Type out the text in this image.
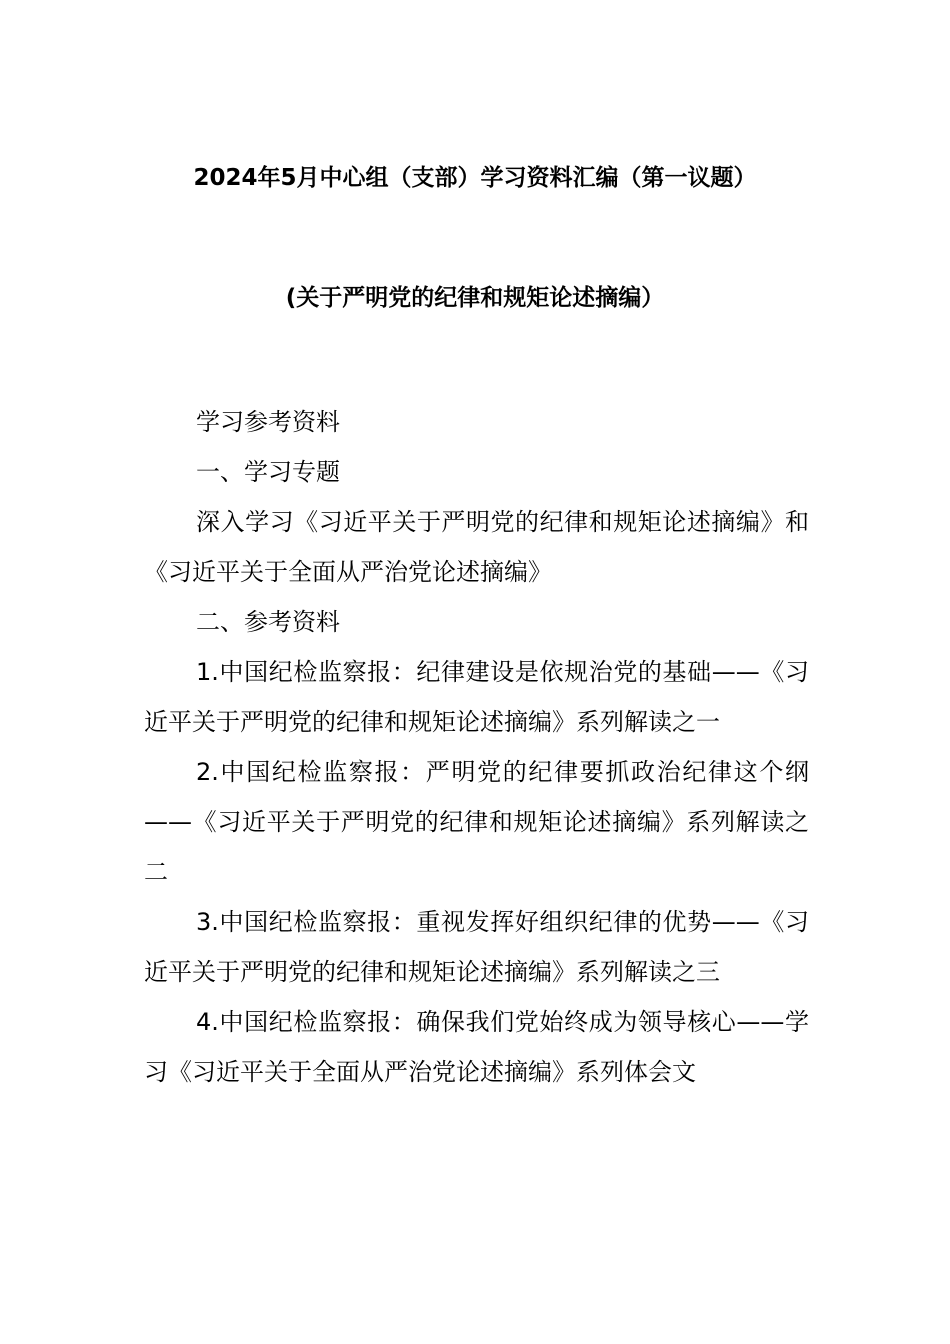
2024年5月中心组（支部）学习资料汇编（第一议题）
(关于严明党的纪律和规矩论述摘编）

学习参考资料

一、学习专题

深入学习《习近平关于严明党的纪律和规矩论述摘编》和《习近平关于全面从严治党论述摘编》

二、参考资料

1.中国纪检监察报：纪律建设是依规治党的基础——《习近平关于严明党的纪律和规矩论述摘编》系列解读之一

2.中国纪检监察报：严明党的纪律要抓政治纪律这个纲——《习近平关于严明党的纪律和规矩论述摘编》系列解读之二

3.中国纪检监察报：重视发挥好组织纪律的优势——《习近平关于严明党的纪律和规矩论述摘编》系列解读之三

4.中国纪检监察报：确保我们党始终成为领导核心——学习《习近平关于全面从严治党论述摘编》系列体会文
